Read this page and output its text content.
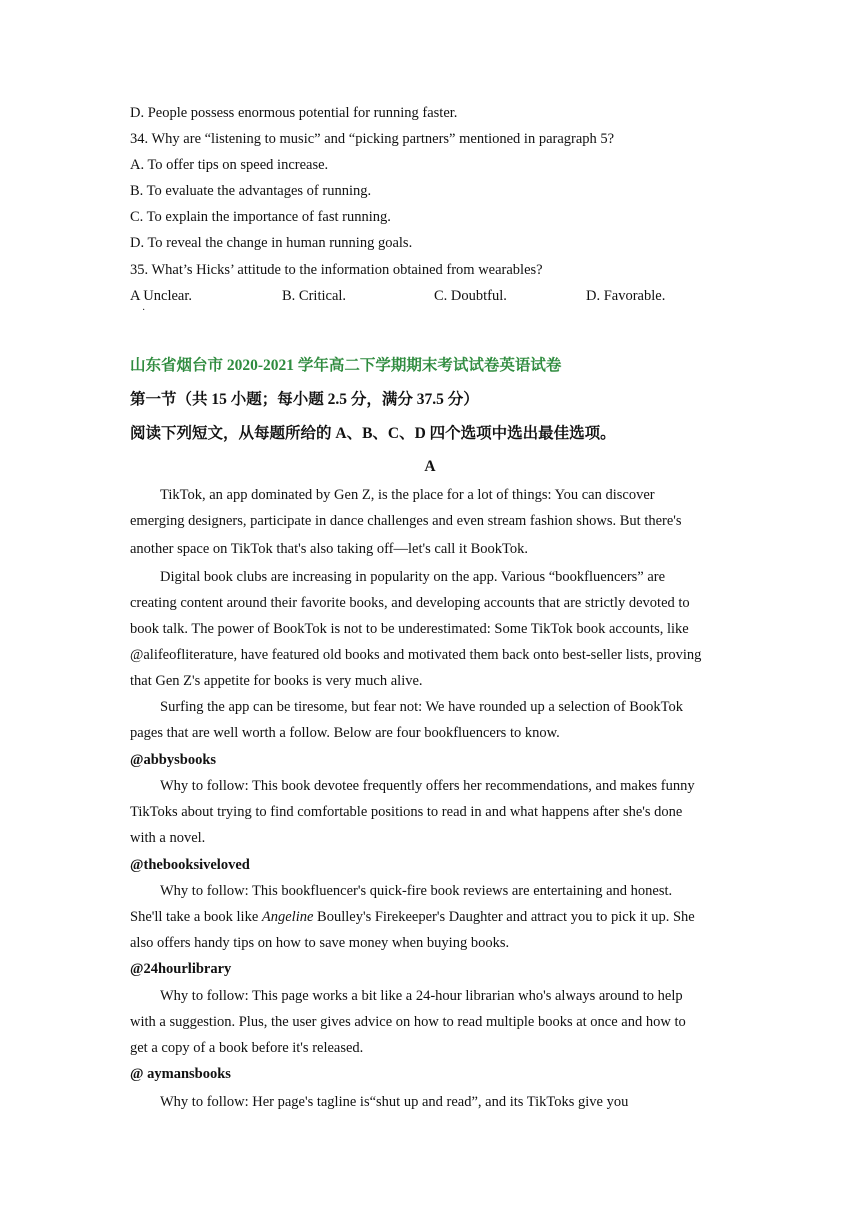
D. People possess enormous potential for running faster.
34. Why are “listening to music” and “picking partners” mentioned in paragraph 5?
A. To offer tips on speed increase.
B. To evaluate the advantages of running.
C. To explain the importance of fast running.
D. To reveal the change in human running goals.
35. What’s Hicks’ attitude to the information obtained from wearables?
A Unclear.	B. Critical.	C. Doubtful.	D. Favorable.
·
山东省烟台市 2020-2021 学年高二下学期期末考试试卷英语试卷
第一节（共 15 小题；每小题 2.5 分，满分 37.5 分）
阅读下列短文，从每题所给的 A、B、C、D 四个选项中选出最佳选项。
A
TikTok, an app dominated by Gen Z, is the place for a lot of things: You can discover
emerging designers, participate in dance challenges and even stream fashion shows. But there's
another space on TikTok that's also taking off—let's call it BookTok.
Digital book clubs are increasing in popularity on the app. Various “bookfluencers” are
creating content around their favorite books, and developing accounts that are strictly devoted to
book talk. The power of BookTok is not to be underestimated: Some TikTok book accounts, like
@alifeofliterature, have featured old books and motivated them back onto best-seller lists, proving
that Gen Z's appetite for books is very much alive.
Surfing the app can be tiresome, but fear not: We have rounded up a selection of BookTok
pages that are well worth a follow. Below are four bookfluencers to know.
@abbysbooks
Why to follow: This book devotee frequently offers her recommendations, and makes funny
TikToks about trying to find comfortable positions to read in and what happens after she's done
with a novel.
@thebooksiveloved
Why to follow: This bookfluencer's quick-fire book reviews are entertaining and honest.
She'll take a book like Angeline Boulley's Firekeeper's Daughter and attract you to pick it up. She
also offers handy tips on how to save money when buying books.
@24hourlibrary
Why to follow: This page works a bit like a 24-hour librarian who's always around to help
with a suggestion. Plus, the user gives advice on how to read multiple books at once and how to
get a copy of a book before it's released.
@ aymansbooks
Why to follow: Her page's tagline is“shut up and read”, and its TikToks give you
